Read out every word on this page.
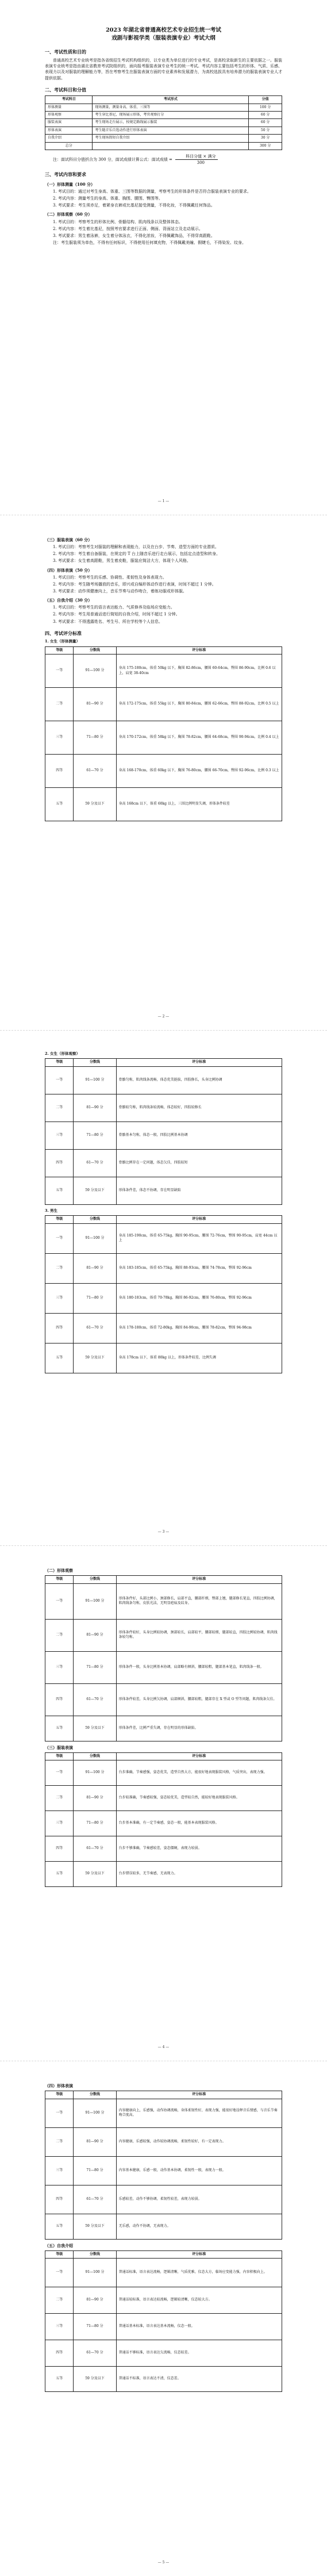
2023 年湖北省普通高校艺术专业招生统一考试
戏剧与影视学类（服装表演专业）考试大纲
一、考试性质和目的

普通高校艺术专业统考是指各省级招生考试机构组织的，以专业类为单位进行的专业考试，是高校录取新生的主要依据之一。服装表演专业统考是指由湖北省教育考试院组织的，面向报考服装表演专业考生的统一考试。考试内容主要包括考生的形体、气质、乐感、表现力以及对服装的理解能力等，旨在考察考生在服装表演方面的专业素养和发展潜力，为高校选拔具有培养潜力的服装表演专业人才提供依据。

二、考试科目和分值
考试科目	考试形式	分值
形体测量	现场测量，测量身高、体重、三围等	100 分
形体观察	考生穿比基尼，现场展示形体，考官观察打分	60 分
服装表演	考生现场走台展示，按规定路线展示服装	60 分
形体表演	考生随音乐自选动作进行形体表演	50 分
自我介绍	考生现场简短自我介绍	30 分
总分		300 分

注：面试科目分值折合为 300 分，面试成绩计算公式：面试成绩 =
科目分值 × 满分
300

三、考试内容和要求
（一）形体测量（100 分）

1. 考试目的：通过对考生身高、体重、三围等数据的测量，考察考生的形体条件是否符合服装表演专业的要求。

2. 考试内容：测量考生的身高、体重、胸围、腰围、臀围等。

3. 考试要求：考生须赤足，着紧身衣裤或比基尼接受测量，不得化妆，不得佩戴任何饰品。

（二）形体观察（60 分）

1. 考试目的：考察考生的形体比例、骨骼结构、肌肉线条以及整体体态。

2. 考试内容：考生着比基尼，按照考官要求进行正面、侧面、背面站立及走动展示。

3. 考试要求：男生着泳裤，女生着分体泳衣，不得化浓妆，不得佩戴饰品，不得穿高跟鞋。

注：考生服装须为单色，不得有任何标识，不得使用任何填充物，不得佩戴美瞳、假睫毛，不得染发、纹身。

— 1 —
（三）服装表演（60 分）

1. 考试目的：考察考生对服装的理解和表现能力，以及在台步、节奏、造型方面的专业潜质。

2. 考试内容：考生着自备服装，在规定的 T 台上随音乐进行走台展示，包括定点造型和转身。

3. 考试要求：女生着高跟鞋，男生着皮鞋，服装应简洁大方，体现个人风格。

（四）形体表演（50 分）

1. 考试目的：考察考生的乐感、协调性、柔韧性及身体表现力。

2. 考试内容：考生随考场播放的音乐，即兴或自编形体动作进行表演，时间不超过 1 分钟。

3. 考试要求：动作须健康向上，音乐节奏与动作吻合，着练功服或形体服。

（五）自我介绍（30 分）

1. 考试目的：考察考生的语言表达能力、气质修养及临场应变能力。

2. 考试内容：考生用普通话进行简短的自我介绍，时间不超过 1 分钟。

3. 考试要求：不得透露姓名、考生号、所在学校等个人信息。

四、考试评分标准
1. 女生（形体测量）
等级	分数线	评分标准
一等	91—100 分	身高 175-180cm，体重 50kg 以下，胸围 82-86cm，腰围 60-64cm，臀围 86-90cm，比例 0.6 以上，肩宽 38-40cm
二等	81—90 分	身高 172-175cm，体重 55kg 以下，胸围 80-84cm，腰围 62-66cm，臀围 88-92cm，比例 0.5 以上
三等	71—80 分	身高 170-172cm，体重 58kg 以下，胸围 78-82cm，腰围 64-68cm，臀围 90-94cm，比例 0.4 以上
四等	61—70 分	身高 168-170cm，体重 60kg 以下，胸围 76-80cm，腰围 66-70cm，臀围 92-96cm，比例 0.3 以上
五等	59 分及以下	身高 168cm 以下，体重 60kg 以上，三围比例明显失调，形体条件较差
— 2 —
2. 女生（形体观察）
等级	分数线	评分标准
一等	91—100 分	骨骼匀称，肌肉线条流畅，体态优美挺拔，四肢修长，头身比例协调
二等	81—90 分	骨骼较匀称，肌肉线条较流畅，体态较好，四肢较修长
三等	71—80 分	骨骼基本匀称，体态一般，四肢比例基本协调
四等	61—70 分	骨骼比例存在一定问题，体态欠佳，四肢较短
五等	59 分及以下	形体条件差，体态不协调，存在明显缺陷
3. 男生
等级	分数线	评分标准
一等	91—100 分	身高 185-190cm，体重 65-75kg，胸围 90-95cm，腰围 72-76cm，臀围 90-95cm，肩宽 44cm 以上
二等	81—90 分	身高 183-185cm，体重 65-75kg，胸围 88-93cm，腰围 74-78cm，臀围 92-96cm
三等	71—80 分	身高 180-183cm，体重 70-78kg，胸围 86-92cm，腰围 76-80cm，臀围 92-96cm
四等	61—70 分	身高 178-180cm，体重 72-80kg，胸围 84-90cm，腰围 78-82cm，臀围 94-98cm
五等	59 分及以下	身高 178cm 以下，体重 80kg 以上，形体条件较差，比例失调
— 3 —
（二）形体观察
等级	分数线	评分标准
一等	91—100 分	形体条件好，头部比例小，颈部修长，肩部平直，腰部纤细，臀部上翘，腿部修长笔直，四肢比例协调，肌肉线条匀称，皮肤光洁，无明显疤痕及纹身。
二等	81—90 分	形体条件较好，头身比例较协调，颈部较长，肩部较平，腰部较细，腿部较直，四肢比例较协调，肌肉线条较匀称。
三等	71—80 分	形体条件一般，头身比例基本协调，肩部略有倾斜，腰部较粗，腿部基本笔直，肌肉线条一般。
四等	61—70 分	形体条件较差，头身比例欠协调，肩部倾斜，腰部较粗，腿部存在 X 型或 O 型等问题，肌肉线条欠佳。
五等	59 分及以下	形体条件差，比例严重失调，存在明显的形体缺陷。
（三）服装表演
等级	分数线	评分标准
一等	91—100 分	台步准确，节奏感强，姿态优美，造型自然大方，能很好地表现服装风格，气质突出，表现力强。
二等	81—90 分	台步较准确，节奏感较强，姿态较优美，造型较自然，能较好地表现服装风格。
三等	71—80 分	台步基本准确，有一定节奏感，姿态一般，能基本表现服装风格。
四等	61—70 分	台步不够准确，节奏感较差，姿态僵硬，表现力较弱。
五等	59 分及以下	台步错误较多，无节奏感，无表现力。
— 4 —
（四）形体表演
等级	分数线	评分标准
一等	91—100 分	内容健康向上，乐感强，动作协调流畅，身体柔韧性好，表现力强，能很好地诠释音乐情感，与音乐节奏吻合度高。
二等	81—90 分	内容健康，乐感较强，动作较协调流畅，柔韧性较好，有一定表现力。
三等	71—80 分	内容基本健康，乐感一般，动作基本协调，柔韧性一般，表现力一般。
四等	61—70 分	乐感较差，动作不够协调，柔韧性较差，表现力较弱。
五等	59 分及以下	无乐感，动作不协调，无表现力。
（五）自我介绍
等级	分数线	评分标准
一等	91—100 分	普通话标准，语言表达流畅，逻辑清晰，气质优雅，仪态大方，临场应变能力强，内容积极向上。
二等	81—90 分	普通话较标准，语言表达较流畅，逻辑较清晰，仪态较大方。
三等	71—80 分	普通话基本标准，语言表达基本流畅，仪态一般。
四等	61—70 分	普通话不够标准，语言表达欠流畅，仪态较差。
五等	59 分及以下	普通话不标准，语言表达不清，仪态差。
— 5 —
